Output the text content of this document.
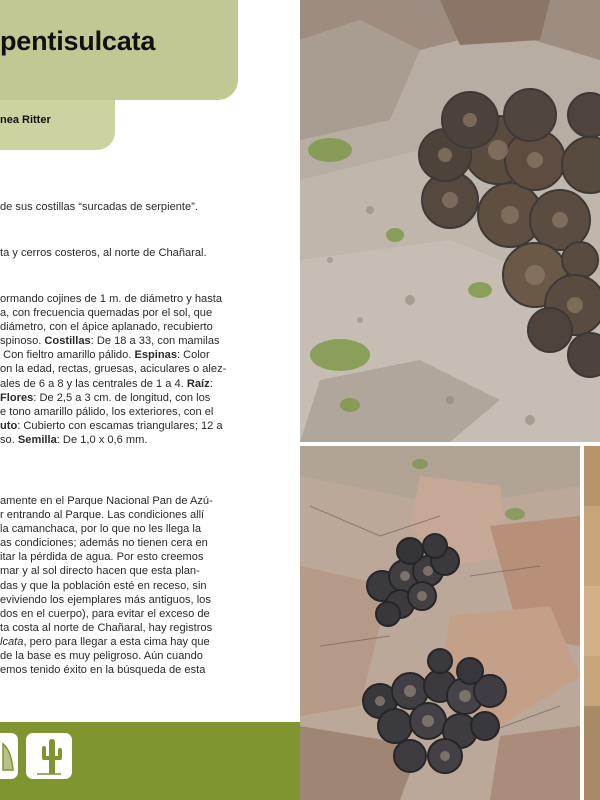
pentisulcata
nea Ritter
de sus costillas “surcadas de serpiente”.
ta y cerros costeros, al norte de Chañaral.
ormando cojines de 1 m. de diámetro y hasta
a, con frecuencia quemadas por el sol, que
diámetro, con el ápice aplanado, recubierto
spinoso. Costillas: De 18 a 33, con mamilas
Con fieltro amarillo pálido. Espinas: Color
on la edad, rectas, gruesas, aciculares o alez-
ales de 6 a 8 y las centrales de 1 a 4. Raíz:
Flores: De 2,5 a 3 cm. de longitud, con los
e tono amarillo pálido, los exteriores, con el
uto: Cubierto con escamas triangulares; 12 a
so. Semilla: De 1,0 x 0,6 mm.
amente en el Parque Nacional Pan de Azú-
r entrando al Parque. Las condiciones allí
la camanchaca, por lo que no les llega la
as condiciones; además no tienen cera en
itar la pérdida de agua. Por esto creemos
mar y al sol directo hacen que esta plan-
das y que la población esté en receso, sin
eviviendo los ejemplares más antiguos, los
dos en el cuerpo), para evitar el exceso de
ta costa al norte de Chañaral, hay registros
lcata, pero para llegar a esta cima hay que
de la base es muy peligroso. Aún cuando
emos tenido éxito en la búsqueda de esta
